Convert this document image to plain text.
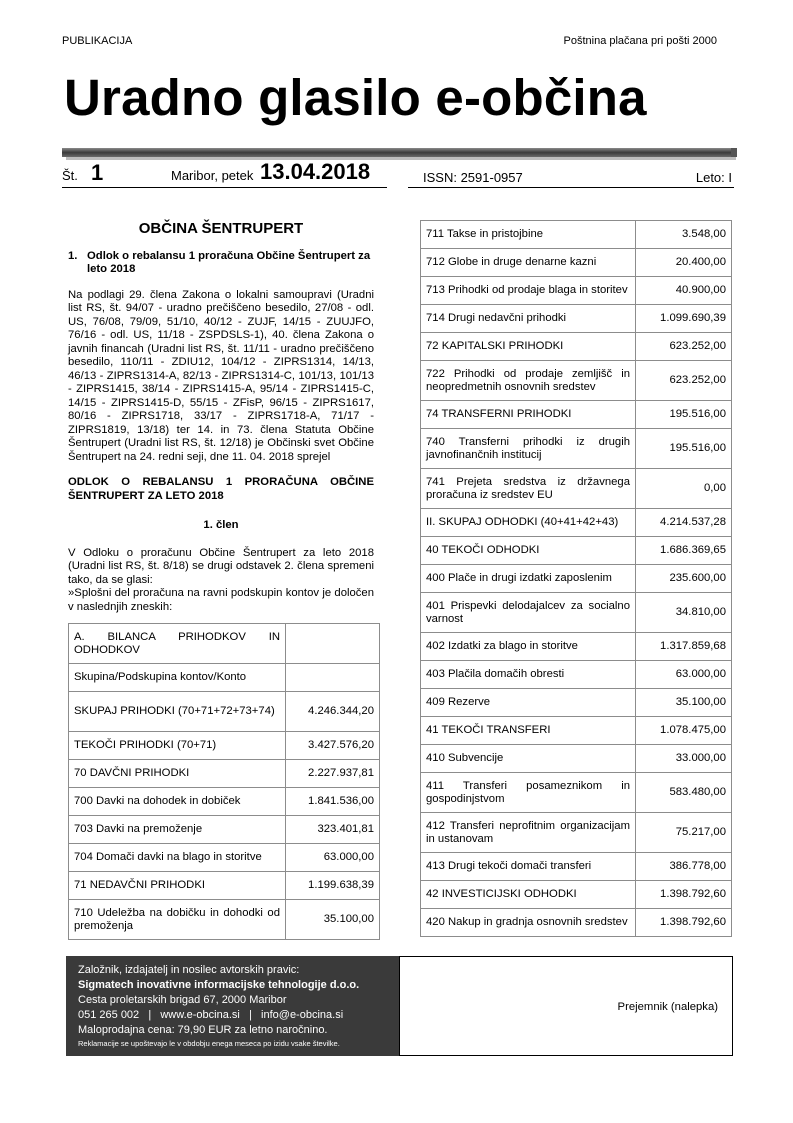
PUBLIKACIJA	Poštnina plačana pri pošti 2000
Uradno glasilo e-občina
Št. 1	Maribor, petek 13.04.2018	ISSN: 2591-0957	Leto: I
OBČINA ŠENTRUPERT
1. Odlok o rebalansu 1 proračuna Občine Šentrupert za leto 2018
Na podlagi 29. člena Zakona o lokalni samoupravi (Uradni list RS, št. 94/07 - uradno prečiščeno besedilo, 27/08 - odl. US, 76/08, 79/09, 51/10, 40/12 - ZUJF, 14/15 - ZUUJFO, 76/16 - odl. US, 11/18 - ZSPDSLS-1), 40. člena Zakona o javnih financah (Uradni list RS, št. 11/11 - uradno prečiščeno besedilo, 110/11 - ZDIU12, 104/12 - ZIPRS1314, 14/13, 46/13 - ZIPRS1314-A, 82/13 - ZIPRS1314-C, 101/13, 101/13 - ZIPRS1415, 38/14 - ZIPRS1415-A, 95/14 - ZIPRS1415-C, 14/15 - ZIPRS1415-D, 55/15 - ZFisP, 96/15 - ZIPRS1617, 80/16 - ZIPRS1718, 33/17 - ZIPRS1718-A, 71/17 - ZIPRS1819, 13/18) ter 14. in 73. člena Statuta Občine Šentrupert (Uradni list RS, št. 12/18) je Občinski svet Občine Šentrupert na 24. redni seji, dne 11. 04. 2018 sprejel
ODLOK O REBALANSU 1 PRORAČUNA OBČINE ŠENTRUPERT ZA LETO 2018
1. člen
V Odloku o proračunu Občine Šentrupert za leto 2018 (Uradni list RS, št. 8/18) se drugi odstavek 2. člena spremeni tako, da se glasi:
»Splošni del proračuna na ravni podskupin kontov je določen v naslednjih zneskih:
A. BILANCA PRIHODKOV IN ODHODKOV	
Skupina/Podskupina kontov/Konto	
SKUPAJ PRIHODKI (70+71+72+73+74)	4.246.344,20
TEKOČI PRIHODKI (70+71)	3.427.576,20
70 DAVČNI PRIHODKI	2.227.937,81
700 Davki na dohodek in dobiček	1.841.536,00
703 Davki na premoženje	323.401,81
704 Domači davki na blago in storitve	63.000,00
71 NEDAVČNI PRIHODKI	1.199.638,39
710 Udeležba na dobičku in dohodki od premoženja	35.100,00
711 Takse in pristojbine	3.548,00
712 Globe in druge denarne kazni	20.400,00
713 Prihodki od prodaje blaga in storitev	40.900,00
714 Drugi nedavčni prihodki	1.099.690,39
72 KAPITALSKI PRIHODKI	623.252,00
722 Prihodki od prodaje zemljišč in neopredmetnih osnovnih sredstev	623.252,00
74 TRANSFERNI PRIHODKI	195.516,00
740 Transferni prihodki iz drugih javnofinančnih institucij	195.516,00
741 Prejeta sredstva iz državnega proračuna iz sredstev EU	0,00
II. SKUPAJ ODHODKI (40+41+42+43)	4.214.537,28
40 TEKOČI ODHODKI	1.686.369,65
400 Plače in drugi izdatki zaposlenim	235.600,00
401 Prispevki delodajalcev za socialno varnost	34.810,00
402 Izdatki za blago in storitve	1.317.859,68
403 Plačila domačih obresti	63.000,00
409 Rezerve	35.100,00
41 TEKOČI TRANSFERI	1.078.475,00
410 Subvencije	33.000,00
411 Transferi posameznikom in gospodinjstvom	583.480,00
412 Transferi neprofitnim organizacijam in ustanovam	75.217,00
413 Drugi tekoči domači transferi	386.778,00
42 INVESTICIJSKI ODHODKI	1.398.792,60
420 Nakup in gradnja osnovnih sredstev	1.398.792,60
Založnik, izdajatelj in nosilec avtorskih pravic:
Sigmatech inovativne informacijske tehnologije d.o.o.
Cesta proletarskih brigad 67, 2000 Maribor
051 265 002   |   www.e-obcina.si   |   info@e-obcina.si
Maloprodajna cena: 79,90 EUR za letno naročnino.
Reklamacije se upoštevajo le v obdobju enega meseca po izidu vsake številke.
Prejemnik (nalepka)
